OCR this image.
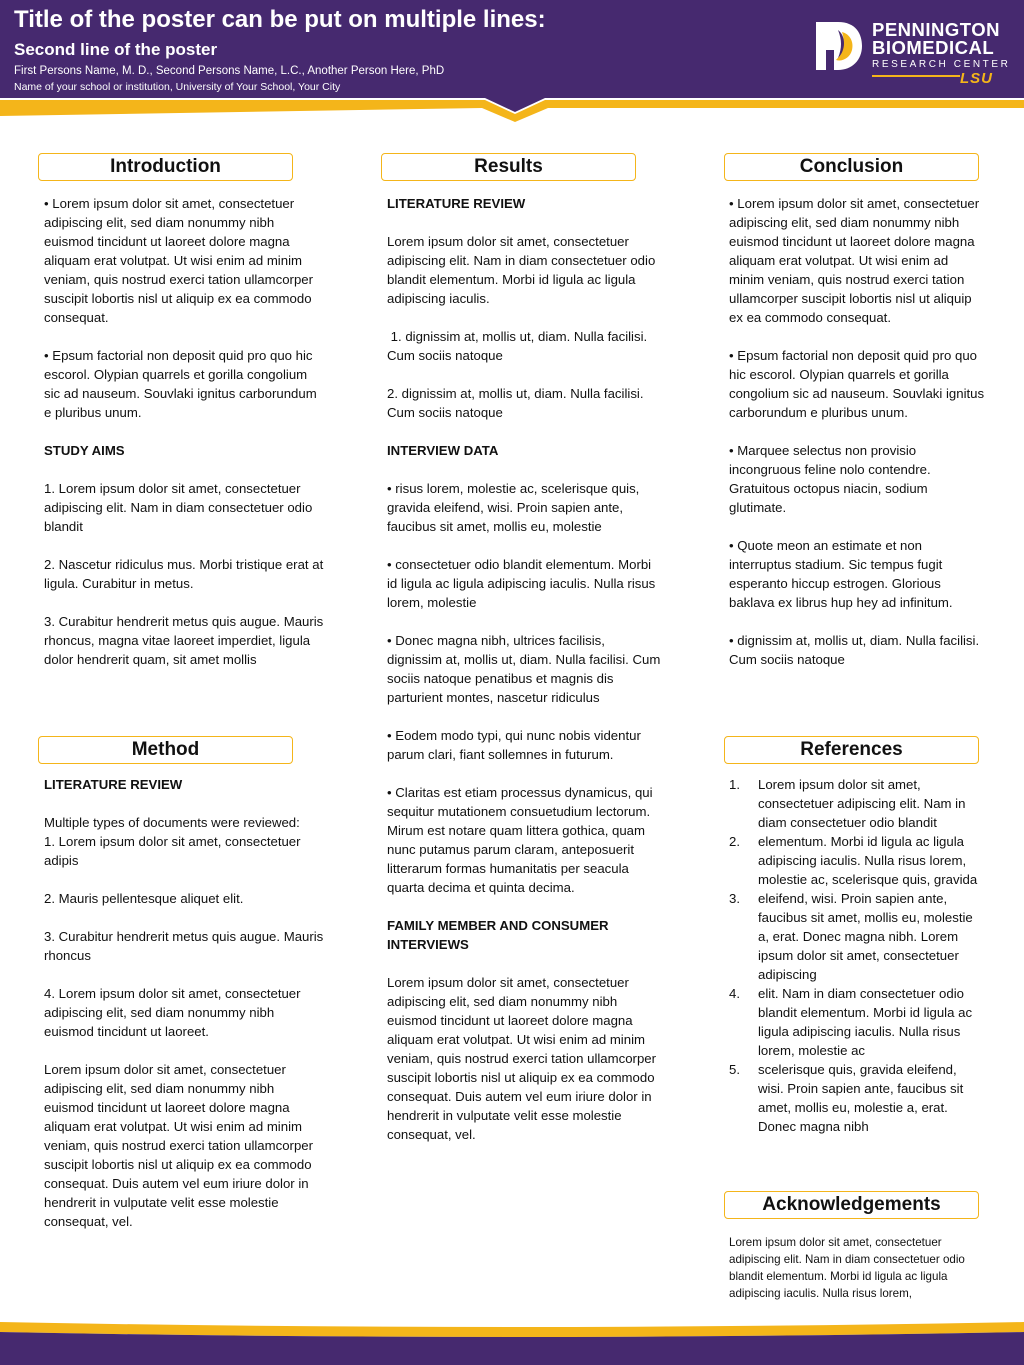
Title of the poster can be put on multiple lines:
Second line of the poster
First Persons Name, M. D., Second Persons Name, L.C., Another Person Here, PhD
Name of your school or institution, University of Your School, Your City
PENNINGTON
BIOMEDICAL
RESEARCH CENTER
LSU
Introduction
• Lorem ipsum dolor sit amet, consectetuer adipiscing elit, sed diam nonummy nibh euismod tincidunt ut laoreet dolore magna aliquam erat volutpat. Ut wisi enim ad minim veniam, quis nostrud exerci tation ullamcorper suscipit lobortis nisl ut aliquip ex ea commodo consequat.

• Epsum factorial non deposit quid pro quo hic escorol. Olypian quarrels et gorilla congolium sic ad nauseum. Souvlaki ignitus carborundum e pluribus unum.

STUDY AIMS

1. Lorem ipsum dolor sit amet, consectetuer adipiscing elit. Nam in diam consectetuer odio blandit

2. Nascetur ridiculus mus. Morbi tristique erat at ligula. Curabitur in metus.

3. Curabitur hendrerit metus quis augue. Mauris rhoncus, magna vitae laoreet imperdiet, ligula dolor hendrerit quam, sit amet mollis
Method
LITERATURE REVIEW

Multiple types of documents were reviewed:
1. Lorem ipsum dolor sit amet, consectetuer adipis

2. Mauris pellentesque aliquet elit.

3. Curabitur hendrerit metus quis augue. Mauris rhoncus

4. Lorem ipsum dolor sit amet, consectetuer adipiscing elit, sed diam nonummy nibh euismod tincidunt ut laoreet.

Lorem ipsum dolor sit amet, consectetuer adipiscing elit, sed diam nonummy nibh euismod tincidunt ut laoreet dolore magna aliquam erat volutpat. Ut wisi enim ad minim veniam, quis nostrud exerci tation ullamcorper suscipit lobortis nisl ut aliquip ex ea commodo consequat. Duis autem vel eum iriure dolor in hendrerit in vulputate velit esse molestie consequat, vel.
Results
LITERATURE REVIEW

Lorem ipsum dolor sit amet, consectetuer adipiscing elit. Nam in diam consectetuer odio blandit elementum. Morbi id ligula ac ligula adipiscing iaculis.

1. dignissim at, mollis ut, diam. Nulla facilisi. Cum sociis natoque

2. dignissim at, mollis ut, diam. Nulla facilisi. Cum sociis natoque

INTERVIEW DATA

• risus lorem, molestie ac, scelerisque quis, gravida eleifend, wisi. Proin sapien ante, faucibus sit amet, mollis eu, molestie

• consectetuer odio blandit elementum. Morbi id ligula ac ligula adipiscing iaculis. Nulla risus lorem, molestie

• Donec magna nibh, ultrices facilisis, dignissim at, mollis ut, diam. Nulla facilisi. Cum sociis natoque penatibus et magnis dis parturient montes, nascetur ridiculus

• Eodem modo typi, qui nunc nobis videntur parum clari, fiant sollemnes in futurum.

• Claritas est etiam processus dynamicus, qui sequitur mutationem consuetudium lectorum. Mirum est notare quam littera gothica, quam nunc putamus parum claram, anteposuerit litterarum formas humanitatis per seacula quarta decima et quinta decima.

FAMILY MEMBER AND CONSUMER INTERVIEWS

Lorem ipsum dolor sit amet, consectetuer adipiscing elit, sed diam nonummy nibh euismod tincidunt ut laoreet dolore magna aliquam erat volutpat. Ut wisi enim ad minim veniam, quis nostrud exerci tation ullamcorper suscipit lobortis nisl ut aliquip ex ea commodo consequat. Duis autem vel eum iriure dolor in hendrerit in vulputate velit esse molestie consequat, vel.
Conclusion
• Lorem ipsum dolor sit amet, consectetuer adipiscing elit, sed diam nonummy nibh euismod tincidunt ut laoreet dolore magna aliquam erat volutpat. Ut wisi enim ad minim veniam, quis nostrud exerci tation ullamcorper suscipit lobortis nisl ut aliquip ex ea commodo consequat.

• Epsum factorial non deposit quid pro quo hic escorol. Olypian quarrels et gorilla congolium sic ad nauseum. Souvlaki ignitus carborundum e pluribus unum.

• Marquee selectus non provisio incongruous feline nolo contendre. Gratuitous octopus niacin, sodium glutimate.

• Quote meon an estimate et non interruptus stadium. Sic tempus fugit esperanto hiccup estrogen. Glorious baklava ex librus hup hey ad infinitum.

• dignissim at, mollis ut, diam. Nulla facilisi. Cum sociis natoque
References
1. Lorem ipsum dolor sit amet, consectetuer adipiscing elit. Nam in diam consectetuer odio blandit
2. elementum. Morbi id ligula ac ligula adipiscing iaculis. Nulla risus lorem, molestie ac, scelerisque quis, gravida
3. eleifend, wisi. Proin sapien ante, faucibus sit amet, mollis eu, molestie a, erat. Donec magna nibh. Lorem ipsum dolor sit amet, consectetuer adipiscing
4. elit. Nam in diam consectetuer odio blandit elementum. Morbi id ligula ac ligula adipiscing iaculis. Nulla risus lorem, molestie ac
5. scelerisque quis, gravida eleifend, wisi. Proin sapien ante, faucibus sit amet, mollis eu, molestie a, erat. Donec magna nibh
Acknowledgements
Lorem ipsum dolor sit amet, consectetuer adipiscing elit. Nam in diam consectetuer odio blandit elementum. Morbi id ligula ac ligula adipiscing iaculis. Nulla risus lorem,
